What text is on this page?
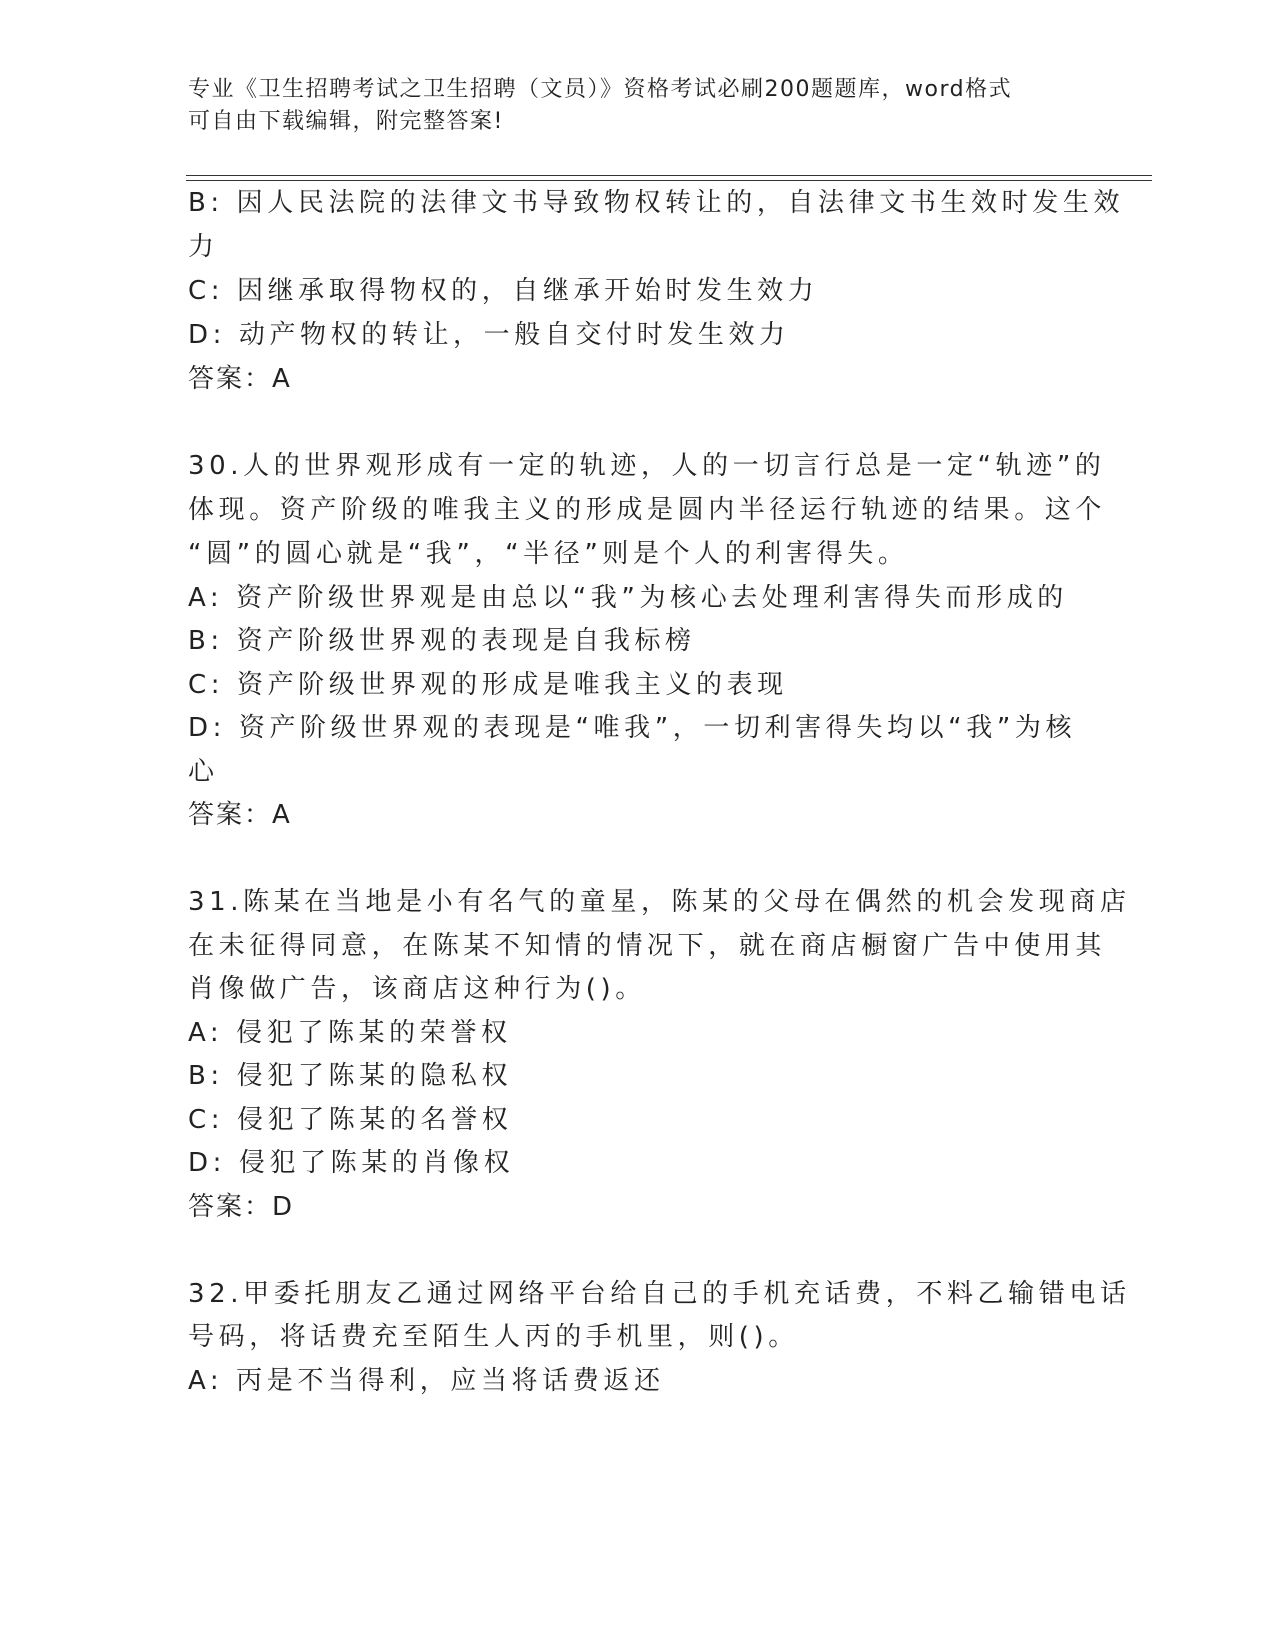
专业《卫生招聘考试之卫生招聘（文员）》资格考试必刷200题题库，word格式
可自由下载编辑，附完整答案!
B: 因人民法院的法律文书导致物权转让的，自法律文书生效时发生效
力
C: 因继承取得物权的，自继承开始时发生效力
D: 动产物权的转让，一般自交付时发生效力
答案：A
30.人的世界观形成有一定的轨迹，人的一切言行总是一定“轨迹”的
体现。资产阶级的唯我主义的形成是圆内半径运行轨迹的结果。这个
“圆”的圆心就是“我”，“半径”则是个人的利害得失。
A: 资产阶级世界观是由总以“我”为核心去处理利害得失而形成的
B: 资产阶级世界观的表现是自我标榜
C: 资产阶级世界观的形成是唯我主义的表现
D: 资产阶级世界观的表现是“唯我”，一切利害得失均以“我”为核
心
答案：A
31.陈某在当地是小有名气的童星，陈某的父母在偶然的机会发现商店
在未征得同意，在陈某不知情的情况下，就在商店橱窗广告中使用其
肖像做广告，该商店这种行为()。
A: 侵犯了陈某的荣誉权
B: 侵犯了陈某的隐私权
C: 侵犯了陈某的名誉权
D: 侵犯了陈某的肖像权
答案：D
32.甲委托朋友乙通过网络平台给自己的手机充话费，不料乙输错电话
号码，将话费充至陌生人丙的手机里，则()。
A: 丙是不当得利，应当将话费返还
